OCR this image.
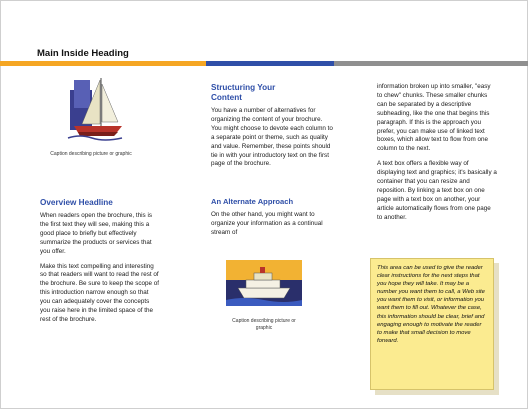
Main Inside Heading
Caption describing picture or graphic
Overview Headline

When readers open the brochure, this is the first text they will see, making this a good place to briefly but effectively summarize the products or services that you offer.

Make this text compelling and interesting so that readers will want to read the rest of the brochure. Be sure to keep the scope of this introduction narrow enough so that you can adequately cover the concepts you raise here in the limited space of the rest of the brochure.

Structuring Your Content

You have a number of alternatives for organizing the content of your brochure. You might choose to devote each column to a separate point or theme, such as quality and value. Remember, these points should tie in with your introductory text on the first page of the brochure.

An Alternate Approach
On the other hand, you might want to organize your information as a continual stream of
Caption describing picture or graphic

information broken up into smaller, "easy to chew" chunks. These smaller chunks can be separated by a descriptive subheading, like the one that begins this paragraph. If this is the approach you prefer, you can make use of linked text boxes, which allow text to flow from one column to the next.

A text box offers a flexible way of displaying text and graphics; it's basically a container that you can resize and reposition. By linking a text box on one page with a text box on another, your article automatically flows from one page to another.

This area can be used to give the reader clear instructions for the next steps that you hope they will take. It may be a number you want them to call, a Web site you want them to visit, or information you want them to fill out. Whatever the case, this information should be clear, brief and engaging enough to motivate the reader to make that small decision to move forward.
